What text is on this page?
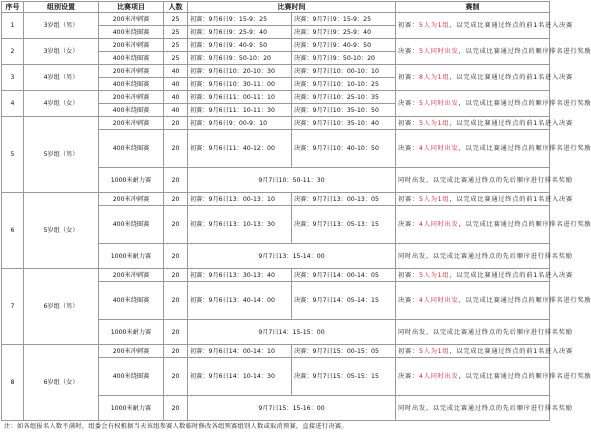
序号	组别设置	比赛项目	人数	比赛时间		赛制
1	3岁组（男）	200米冲刺赛	25	初赛：9月6日9：15-9：25	决赛：9月7日9：15-9：25	初赛：5人为1组，以完成比赛通过终点的前1名进入决赛
		400米绕圈赛	25	初赛：9月6日9：25-9：40	决赛：9月7日9：25-9：40	
2	3岁组（女）	200米冲刺赛	25	初赛：9月6日9：40-9：50	决赛：9月7日9：40-9：50	决赛：5人同时出发，以完成比赛通过终点的顺序排名进行奖励
		400米绕圈赛	25	初赛：9月6日9：50-10：20	决赛：9月7日9：50-10：20	
3	4岁组（男）	200米冲刺赛	40	初赛：9月6日10：20-10：30	决赛：9月7日10：00-10：10	初赛：8人为1组，以完成比赛通过终点的前1名进入决赛
		400米绕圈赛	40	初赛：9月6日10：30-11：00	决赛：9月7日10：10-10：25	
4	4岁组（女）	200米冲刺赛	40	初赛：9月6日11：00-11：10	决赛：9月7日10：25-10：35	决赛：5人同时出发，以完成比赛通过终点的顺序排名进行奖励
		400米绕圈赛	40	初赛：9月6日11：10-11：30	决赛：9月7日10：35-10：50	
5	5岁组（男）	200米冲刺赛	20	初赛：9月6日9：00-9：10	决赛：9月7日10：35-10：40	初赛：5人为1组，以完成比赛通过终点的前1名进入决赛
		400米绕圈赛	20	初赛：9月6日11：40-12：00	决赛：9月7日10：40-10：50	决赛：4人同时出发，以完成比赛通过终点的顺序排名进行奖励
		1000米耐力赛	20	9月7日10：50-11：30		同时出发，以完成比赛通过终点的先后顺序进行排名奖励
6	5岁组（女）	200米冲刺赛	20	初赛：9月6日13：00-13：10	决赛：9月7日13：00-13：05	初赛：5人为1组，以完成比赛通过终点的前1名进入决赛
		400米绕圈赛	20	初赛：9月6日13：10-13：30	决赛：9月7日13：05-13：15	决赛：4人同时出发，以完成比赛通过终点的顺序排名进行奖励
		1000米耐力赛	20	9月7日13：15-14：00		同时出发，以完成比赛通过终点的先后顺序进行排名奖励
7	6岁组（男）	200米冲刺赛	20	初赛：9月6日13：30-13：40	决赛：9月7日14：00-14：05	初赛：5人为1组，以完成比赛通过终点的前1名进入决赛
		400米绕圈赛	20	初赛：9月6日13：40-14：00	决赛：9月7日14：05-14：15	决赛：4人同时出发，以完成比赛通过终点的顺序排名进行奖励
		1000米耐力赛	20	9月7日14：15-15：00		同时出发，以完成比赛通过终点的先后顺序进行排名奖励
8	6岁组（女）	200米冲刺赛	20	初赛：9月6日14：00-14：10	决赛：9月7日15：00-15：05	初赛：5人为1组，以完成比赛通过终点的前1名进入决赛
		400米绕圈赛	20	初赛：9月6日14：10-14：30	决赛：9月7日15：05-15：15	决赛：4人同时出发，以完成比赛通过终点的顺序排名进行奖励
		1000米耐力赛	20	9月7日15：15-16：00		同时出发，以完成比赛通过终点的先后顺序进行排名奖励
注：如各组报名人数不满时，组委会有权根据当天该组参赛人数临时修改各组预赛组别人数或取消预赛，直接进行决赛。
